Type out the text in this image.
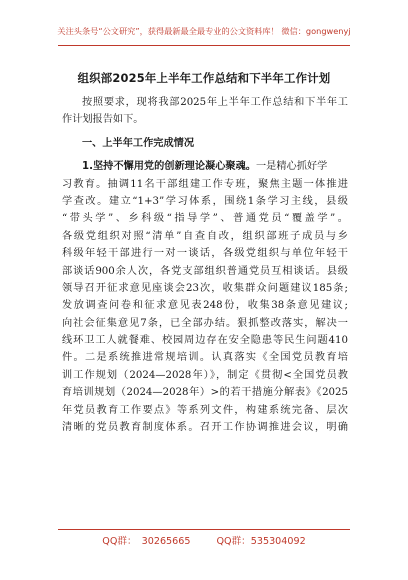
关注头条号“公文研究”，获得最新最全最专业的公文资料库！ 微信：gongwenyj
组织部2025年上半年工作总结和下半年工作计划
按照要求，现将我部2025年上半年工作总结和下半年工
作计划报告如下。
一、上半年工作完成情况
1.坚持不懈用党的创新理论凝心聚魂。一是精心抓好学
习教育。抽调11名干部组建工作专班，聚焦主题一体推进
学查改。建立“1+3”学习体系，围绕1条学习主线，县级
“带头学”、乡科级“指导学”、普通党员“覆盖学”。
各级党组织对照“清单”自查自改，组织部班子成员与乡
科级年轻干部进行一对一谈话，各级党组织与单位年轻干
部谈话900余人次，各党支部组织普通党员互相谈话。县级
领导召开征求意见座谈会23次，收集群众问题建议185条;
发放调查问卷和征求意见表248份，收集38条意见建议;
向社会征集意见7条，已全部办结。狠抓整改落实，解决一
线环卫工人就餐难、校园周边存在安全隐患等民生问题410
件。二是系统推进常规培训。认真落实《全国党员教育培
训工作规划（2024—2028年）》，制定《贯彻<全国党员教
育培训规划（2024—2028年）>的若干措施分解表》《2025
年党员教育工作要点》等系列文件，构建系统完备、层次
清晰的党员教育制度体系。召开工作协调推进会议，明确
QQ群： 30265665	QQ群：535304092
